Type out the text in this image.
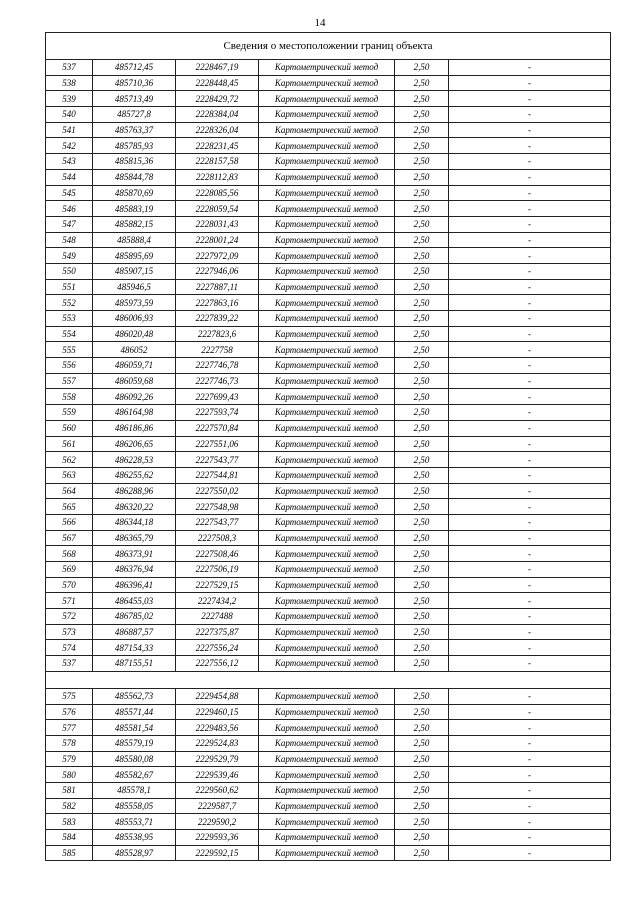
14
Сведения о местоположении границ объекта					
537	485712,45	2228467,19	Картометрический метод	2,50	-
538	485710,36	2228448,45	Картометрический метод	2,50	-
539	485713,49	2228429,72	Картометрический метод	2,50	-
540	485727,8	2228384,04	Картометрический метод	2,50	-
541	485763,37	2228326,04	Картометрический метод	2,50	-
542	485785,93	2228231,45	Картометрический метод	2,50	-
543	485815,36	2228157,58	Картометрический метод	2,50	-
544	485844,78	2228112,83	Картометрический метод	2,50	-
545	485870,69	2228085,56	Картометрический метод	2,50	-
546	485883,19	2228059,54	Картометрический метод	2,50	-
547	485882,15	2228031,43	Картометрический метод	2,50	-
548	485888,4	2228001,24	Картометрический метод	2,50	-
549	485895,69	2227972,09	Картометрический метод	2,50	-
550	485907,15	2227946,06	Картометрический метод	2,50	-
551	485946,5	2227887,11	Картометрический метод	2,50	-
552	485973,59	2227863,16	Картометрический метод	2,50	-
553	486006,93	2227839,22	Картометрический метод	2,50	-
554	486020,48	2227823,6	Картометрический метод	2,50	-
555	486052	2227758	Картометрический метод	2,50	-
556	486059,71	2227746,78	Картометрический метод	2,50	-
557	486059,68	2227746,73	Картометрический метод	2,50	-
558	486092,26	2227699,43	Картометрический метод	2,50	-
559	486164,98	2227593,74	Картометрический метод	2,50	-
560	486186,86	2227570,84	Картометрический метод	2,50	-
561	486206,65	2227551,06	Картометрический метод	2,50	-
562	486228,53	2227543,77	Картометрический метод	2,50	-
563	486255,62	2227544,81	Картометрический метод	2,50	-
564	486288,96	2227550,02	Картометрический метод	2,50	-
565	486320,22	2227548,98	Картометрический метод	2,50	-
566	486344,18	2227543,77	Картометрический метод	2,50	-
567	486365,79	2227508,3	Картометрический метод	2,50	-
568	486373,91	2227508,46	Картометрический метод	2,50	-
569	486376,94	2227506,19	Картометрический метод	2,50	-
570	486396,41	2227529,15	Картометрический метод	2,50	-
571	486455,03	2227434,2	Картометрический метод	2,50	-
572	486785,02	2227488	Картометрический метод	2,50	-
573	486887,57	2227375,87	Картометрический метод	2,50	-
574	487154,33	2227556,24	Картометрический метод	2,50	-
537	487155,51	2227556,12	Картометрический метод	2,50	-

575	485562,73	2229454,88	Картометрический метод	2,50	-
576	485571,44	2229460,15	Картометрический метод	2,50	-
577	485581,54	2229483,56	Картометрический метод	2,50	-
578	485579,19	2229524,83	Картометрический метод	2,50	-
579	485580,08	2229529,79	Картометрический метод	2,50	-
580	485582,67	2229539,46	Картометрический метод	2,50	-
581	485578,1	2229560,62	Картометрический метод	2,50	-
582	485558,05	2229587,7	Картометрический метод	2,50	-
583	485553,71	2229590,2	Картометрический метод	2,50	-
584	485538,95	2229593,36	Картометрический метод	2,50	-
585	485528,97	2229592,15	Картометрический метод	2,50	-
